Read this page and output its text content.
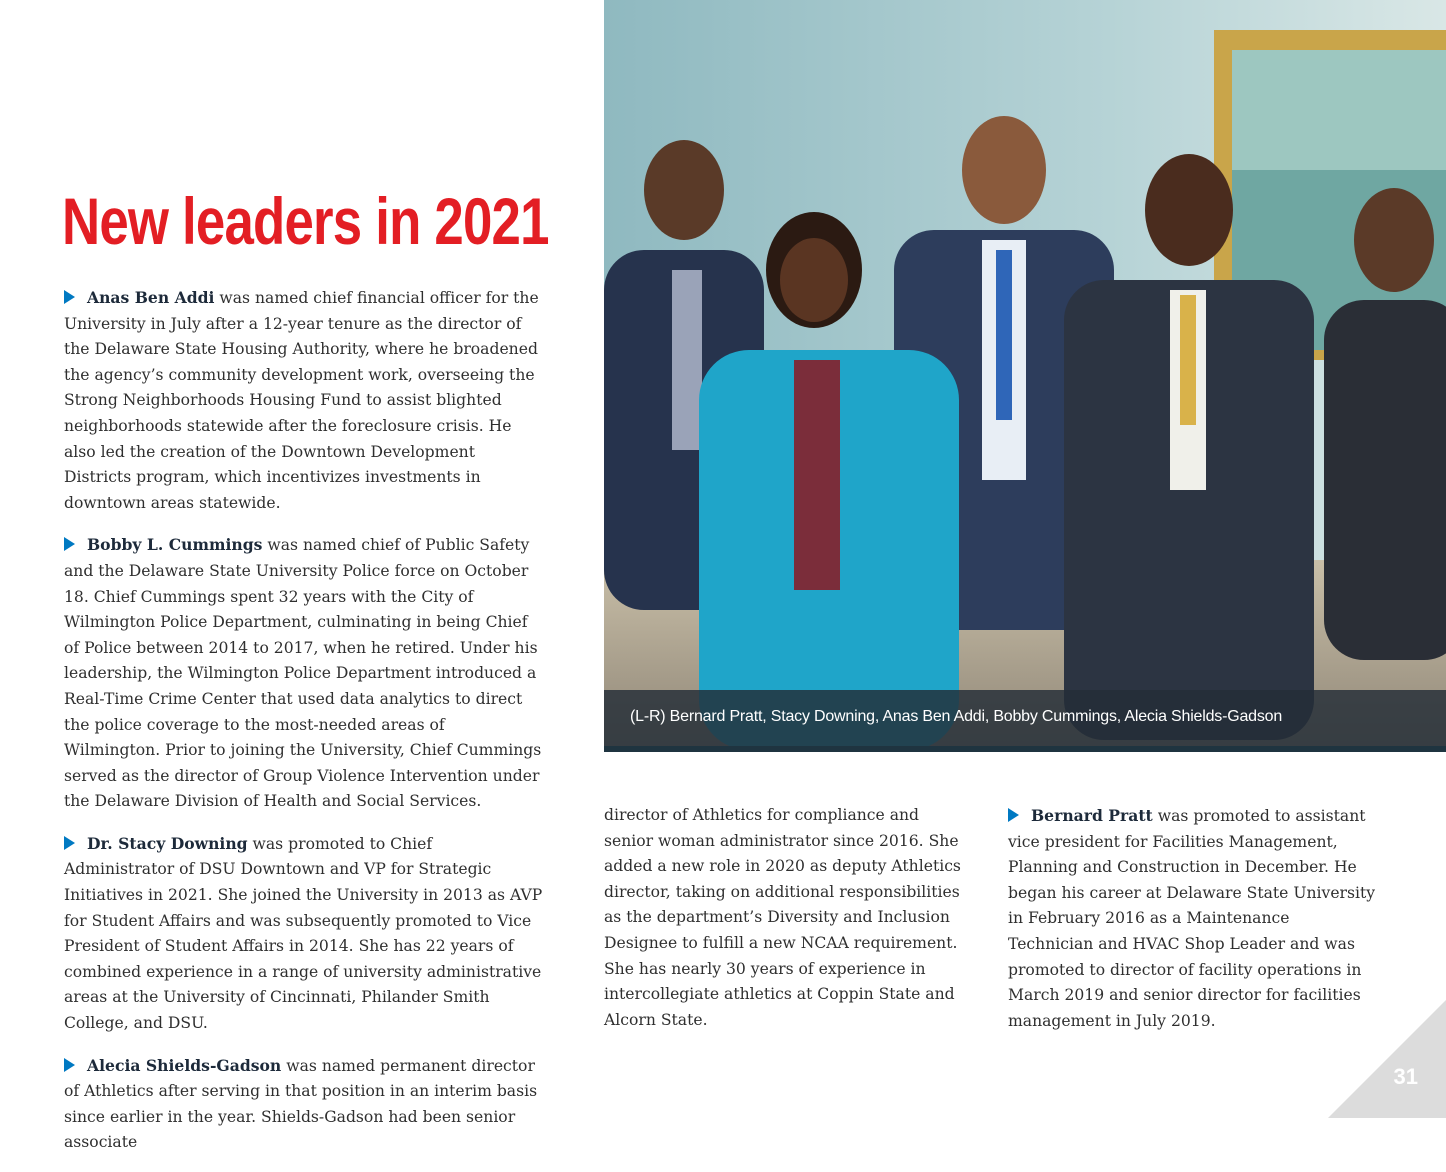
New leaders in 2021

Anas Ben Addi was named chief financial officer for the University in July after a 12-year tenure as the director of the Delaware State Housing Authority, where he broadened the agency’s community development work, overseeing the Strong Neighborhoods Housing Fund to assist blighted neighborhoods statewide after the foreclosure crisis. He also led the creation of the Downtown Development Districts program, which incentivizes investments in downtown areas statewide.

Bobby L. Cummings was named chief of Public Safety and the Delaware State University Police force on October 18. Chief Cummings spent 32 years with the City of Wilmington Police Department, culminating in being Chief of Police between 2014 to 2017, when he retired. Under his leadership, the Wilmington Police Department introduced a Real-Time Crime Center that used data analytics to direct the police coverage to the most-needed areas of Wilmington. Prior to joining the University, Chief Cummings served as the director of Group Violence Intervention under the Delaware Division of Health and Social Services.

Dr. Stacy Downing was promoted to Chief Administrator of DSU Downtown and VP for Strategic Initiatives in 2021. She joined the University in 2013 as AVP for Student Affairs and was subsequently promoted to Vice President of Student Affairs in 2014. She has 22 years of combined experience in a range of university administrative areas at the University of Cincinnati, Philander Smith College, and DSU.

Alecia Shields-Gadson was named permanent director of Athletics after serving in that position in an interim basis since earlier in the year. Shields-Gadson had been senior associate

(L-R) Bernard Pratt, Stacy Downing, Anas Ben Addi, Bobby Cummings, Alecia Shields-Gadson

director of Athletics for compliance and senior woman administrator since 2016. She added a new role in 2020 as deputy Athletics director, taking on additional responsibilities as the department’s Diversity and Inclusion Designee to fulfill a new NCAA requirement. She has nearly 30 years of experience in intercollegiate athletics at Coppin State and Alcorn State.

Bernard Pratt was promoted to assistant vice president for Facilities Management, Planning and Construction in December. He began his career at Delaware State University in February 2016 as a Maintenance Technician and HVAC Shop Leader and was promoted to director of facility operations in March 2019 and senior director for facilities management in July 2019.

31
